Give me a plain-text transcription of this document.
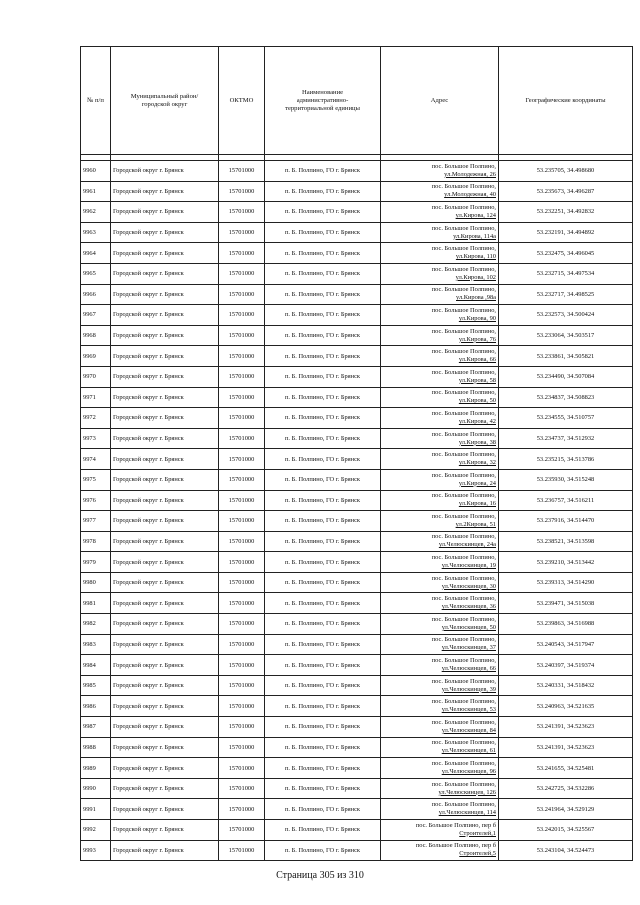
№ п/п	Муниципальный район/городской округ	ОКТМО	Наименование административно-территориальной единицы	Адрес	Географические координаты

9960	Городской округ г. Брянск	15701000	п. Б. Полпино, ГО г. Брянск	пос. Большое Полпино,
ул.Молодежная, 26	53.235705, 34.498680
9961	Городской округ г. Брянск	15701000	п. Б. Полпино, ГО г. Брянск	пос. Большое Полпино,
ул.Молодежная, 40	53.235673, 34.496287
9962	Городской округ г. Брянск	15701000	п. Б. Полпино, ГО г. Брянск	пос. Большое Полпино,
ул.Кирова, 124	53.232251, 34.492832
9963	Городской округ г. Брянск	15701000	п. Б. Полпино, ГО г. Брянск	пос. Большое Полпино,
ул.Кирова, 114а	53.232191, 34.494892
9964	Городской округ г. Брянск	15701000	п. Б. Полпино, ГО г. Брянск	пос. Большое Полпино,
ул.Кирова, 110	53.232475, 34.496045
9965	Городской округ г. Брянск	15701000	п. Б. Полпино, ГО г. Брянск	пос. Большое Полпино,
ул.Кирова, 102	53.232715, 34.497534
9966	Городской округ г. Брянск	15701000	п. Б. Полпино, ГО г. Брянск	пос. Большое Полпино,
ул.Кирова ,98а	53.232717, 34.498525
9967	Городской округ г. Брянск	15701000	п. Б. Полпино, ГО г. Брянск	пос. Большое Полпино,
ул.Кирова, 90	53.232573, 34.500424
9968	Городской округ г. Брянск	15701000	п. Б. Полпино, ГО г. Брянск	пос. Большое Полпино,
ул.Кирова, 76	53.233064, 34.503517
9969	Городской округ г. Брянск	15701000	п. Б. Полпино, ГО г. Брянск	пос. Большое Полпино,
ул.Кирова, 66	53.233861, 34.505821
9970	Городской округ г. Брянск	15701000	п. Б. Полпино, ГО г. Брянск	пос. Большое Полпино,
ул.Кирова, 58	53.234490, 34.507084
9971	Городской округ г. Брянск	15701000	п. Б. Полпино, ГО г. Брянск	пос. Большое Полпино,
ул.Кирова, 50	53.234837, 34.508823
9972	Городской округ г. Брянск	15701000	п. Б. Полпино, ГО г. Брянск	пос. Большое Полпино,
ул.Кирова, 42	53.234555, 34.510757
9973	Городской округ г. Брянск	15701000	п. Б. Полпино, ГО г. Брянск	пос. Большое Полпино,
ул.Кирова, 38	53.234737, 34.512932
9974	Городской округ г. Брянск	15701000	п. Б. Полпино, ГО г. Брянск	пос. Большое Полпино,
ул.Кирова, 32	53.235215, 34.513786
9975	Городской округ г. Брянск	15701000	п. Б. Полпино, ГО г. Брянск	пос. Большое Полпино,
ул.Кирова, 24	53.235930, 34.515248
9976	Городской округ г. Брянск	15701000	п. Б. Полпино, ГО г. Брянск	пос. Большое Полпино,
ул.Кирова, 16	53.236757, 34.516211
9977	Городской округ г. Брянск	15701000	п. Б. Полпино, ГО г. Брянск	пос. Большое Полпино,
ул.2Кирова, 51	53.237916, 34.514470
9978	Городской округ г. Брянск	15701000	п. Б. Полпино, ГО г. Брянск	пос. Большое Полпино,
ул.Челюскинцев, 24а	53.238521, 34.513598
9979	Городской округ г. Брянск	15701000	п. Б. Полпино, ГО г. Брянск	пос. Большое Полпино,
ул.Челюскинцев, 19	53.239210, 34.513442
9980	Городской округ г. Брянск	15701000	п. Б. Полпино, ГО г. Брянск	пос. Большое Полпино,
ул.Челюскинцев, 30	53.239313, 34.514290
9981	Городской округ г. Брянск	15701000	п. Б. Полпино, ГО г. Брянск	пос. Большое Полпино,
ул.Челюскинцев, 36	53.239471, 34.515038
9982	Городской округ г. Брянск	15701000	п. Б. Полпино, ГО г. Брянск	пос. Большое Полпино,
ул.Челюскинцев, 50	53.239863, 34.516988
9983	Городской округ г. Брянск	15701000	п. Б. Полпино, ГО г. Брянск	пос. Большое Полпино,
ул.Челюскинцев, 37	53.240543, 34.517947
9984	Городской округ г. Брянск	15701000	п. Б. Полпино, ГО г. Брянск	пос. Большое Полпино,
ул.Челюскинцев, 66	53.240397, 34.519374
9985	Городской округ г. Брянск	15701000	п. Б. Полпино, ГО г. Брянск	пос. Большое Полпино,
ул.Челюскинцев, 39	53.240331, 34.518432
9986	Городской округ г. Брянск	15701000	п. Б. Полпино, ГО г. Брянск	пос. Большое Полпино,
ул.Челюскинцев, 53	53.240963, 34.521635
9987	Городской округ г. Брянск	15701000	п. Б. Полпино, ГО г. Брянск	пос. Большое Полпино,
ул.Челюскинцев, 84	53.241391, 34.523623
9988	Городской округ г. Брянск	15701000	п. Б. Полпино, ГО г. Брянск	пос. Большое Полпино,
ул.Челюскинцев, 61	53.241391, 34.523623
9989	Городской округ г. Брянск	15701000	п. Б. Полпино, ГО г. Брянск	пос. Большое Полпино,
ул.Челюскинцев, 96	53.241655, 34.525481
9990	Городской округ г. Брянск	15701000	п. Б. Полпино, ГО г. Брянск	пос. Большое Полпино,
ул.Челюскинцев, 126	53.242725, 34.532286
9991	Городской округ г. Брянск	15701000	п. Б. Полпино, ГО г. Брянск	пос. Большое Полпино,
ул.Челюскинцев, 114	53.241964, 34.529129
9992	Городской округ г. Брянск	15701000	п. Б. Полпино, ГО г. Брянск	пос. Большое Полпино, пер б
Строителей,1	53.242015, 34.525567
9993	Городской округ г. Брянск	15701000	п. Б. Полпино, ГО г. Брянск	пос. Большое Полпино, пер б
Строителей,5	53.243104, 34.524473
Страница 305 из 310
